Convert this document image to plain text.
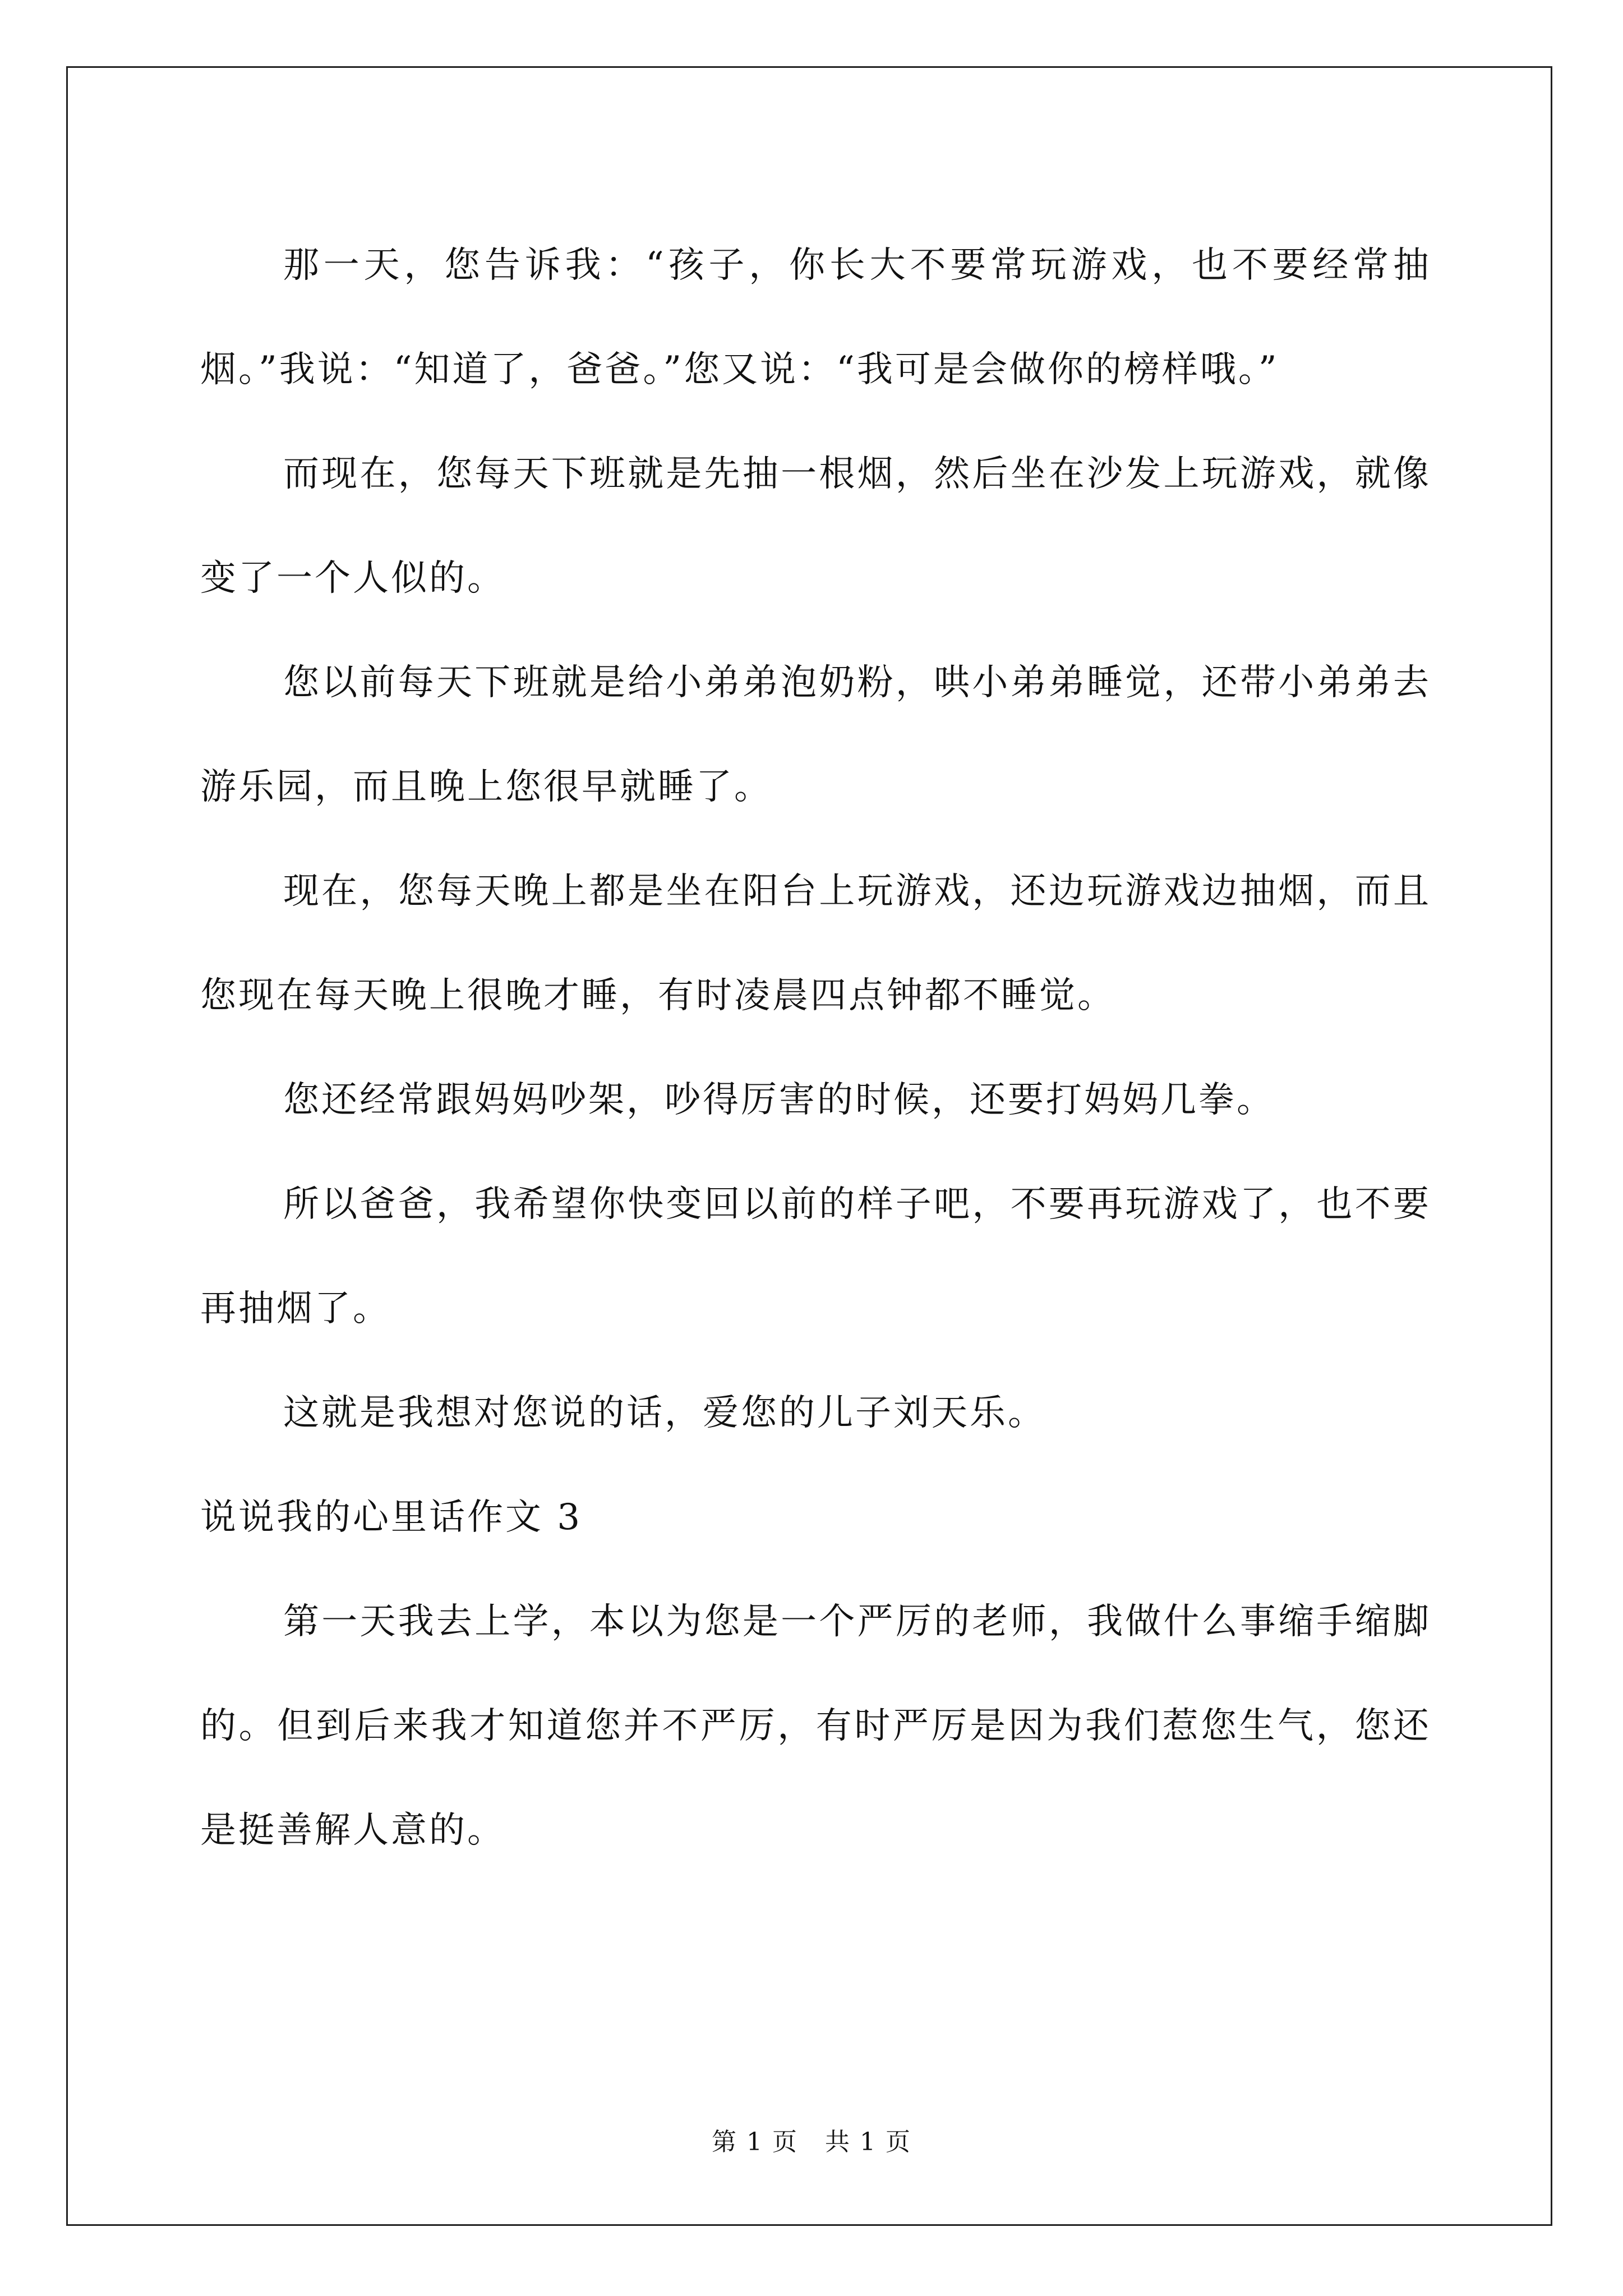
那一天，您告诉我：“孩子，你长大不要常玩游戏，也不要经常抽烟。”我说：“知道了，爸爸。”您又说：“我可是会做你的榜样哦。”

而现在，您每天下班就是先抽一根烟，然后坐在沙发上玩游戏，就像变了一个人似的。

您以前每天下班就是给小弟弟泡奶粉，哄小弟弟睡觉，还带小弟弟去游乐园，而且晚上您很早就睡了。

现在，您每天晚上都是坐在阳台上玩游戏，还边玩游戏边抽烟，而且您现在每天晚上很晚才睡，有时凌晨四点钟都不睡觉。

您还经常跟妈妈吵架，吵得厉害的时候，还要打妈妈几拳。

所以爸爸，我希望你快变回以前的样子吧，不要再玩游戏了，也不要再抽烟了。

这就是我想对您说的话，爱您的儿子刘天乐。

说说我的心里话作文 3

第一天我去上学，本以为您是一个严厉的老师，我做什么事缩手缩脚的。但到后来我才知道您并不严厉，有时严厉是因为我们惹您生气，您还是挺善解人意的。

第 1 页 共 1 页
